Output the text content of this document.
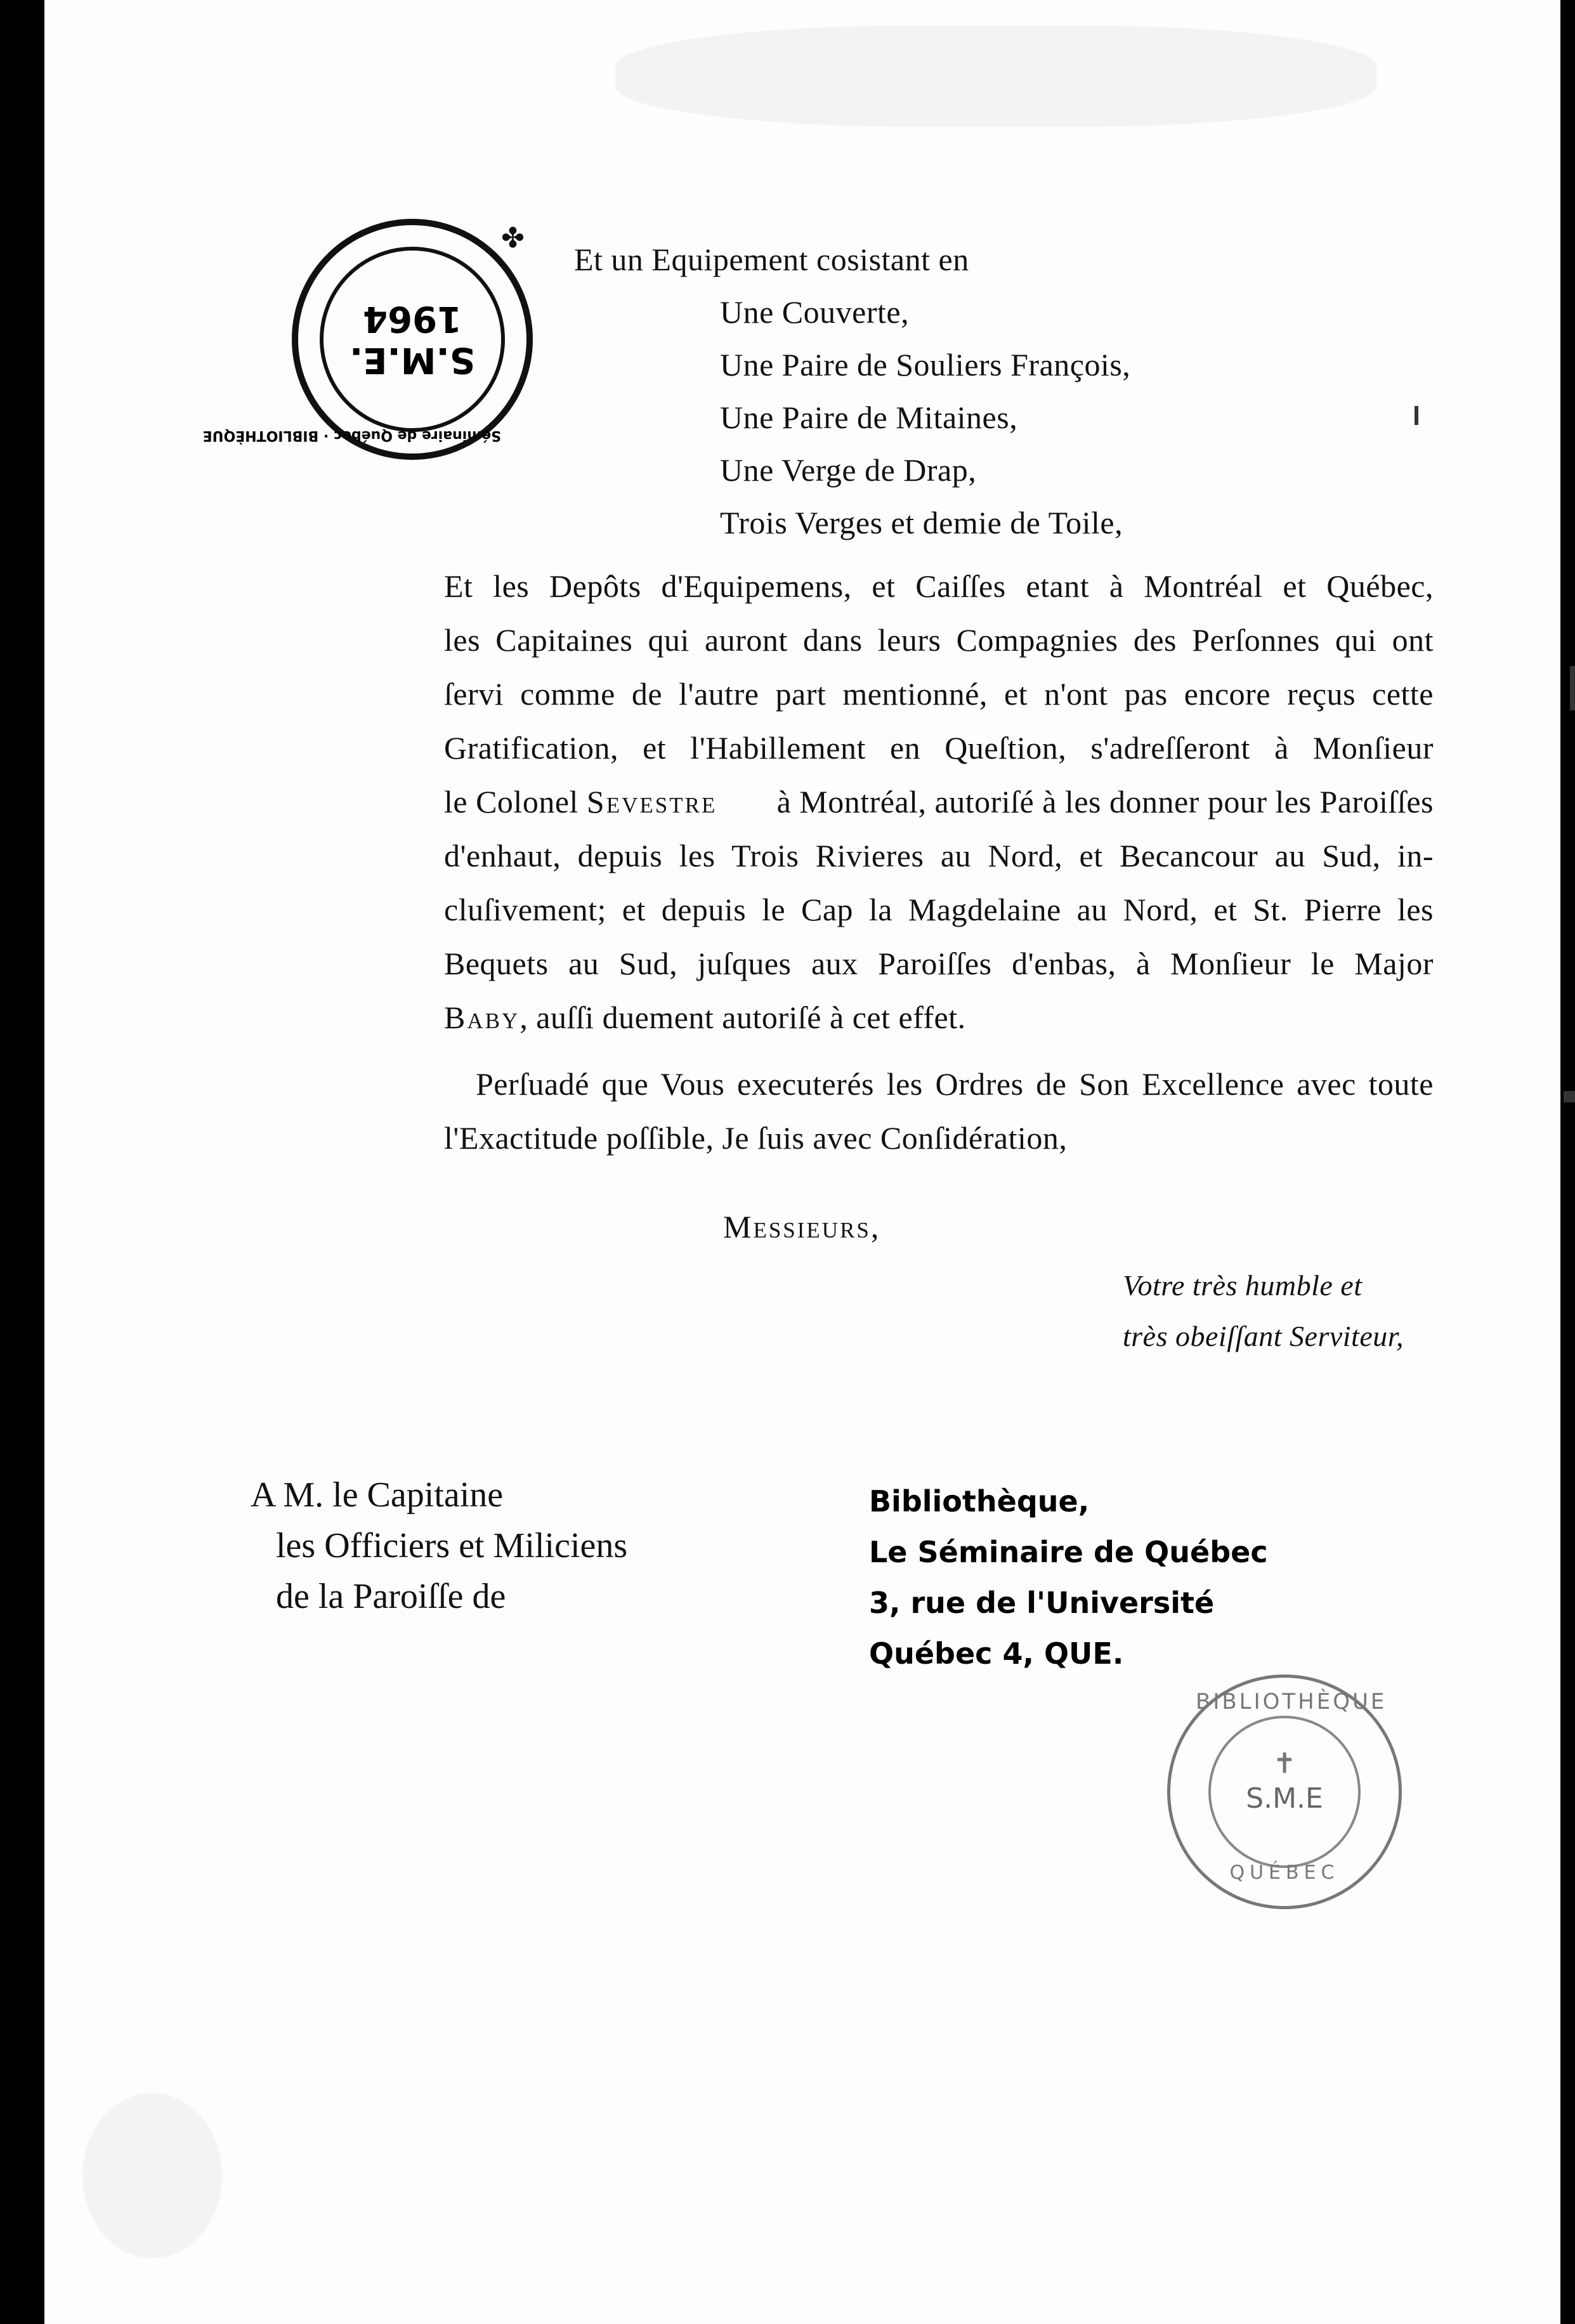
S.M.E.
1964
Séminaire de Québec · BIBLIOTHÈQUE
✤
Et un Equipement cosistant en
Une Couverte,
Une Paire de Souliers François,
Une Paire de Mitaines,
Une Verge de Drap,
Trois Verges et demie de Toile,
Et les Depôts d'Equipemens, et Caiſſes etant à Montréal et Québec,
les Capitaines qui auront dans leurs Compagnies des Perſonnes qui ont
ſervi comme de l'autre part mentionné, et n'ont pas encore reçus cette
Gratification, et l'Habillement en Queſtion, s'adreſſeront à Monſieur
le Colonel Sevestre à Montréal, autoriſé à les donner pour les Paroiſſes
d'enhaut, depuis les Trois Rivieres au Nord, et Becancour au Sud, in-
cluſivement; et depuis le Cap la Magdelaine au Nord, et St. Pierre les
Bequets au Sud, juſques aux Paroiſſes d'enbas, à Monſieur le Major
Baby, auſſi duement autoriſé à cet effet.
Perſuadé que Vous executerés les Ordres de Son Excellence avec toute
l'Exactitude poſſible, Je ſuis avec Conſidération,
Messieurs,
Votre très humble et
très obeiſſant Serviteur,
A M. le Capitaine
les Officiers et Miliciens
de la Paroiſſe de
Bibliothèque,
Le Séminaire de Québec
3, rue de l'Université
Québec 4, QUE.
BIBLIOTHÈQUE
✝
S.M.E
QUÉBEC
